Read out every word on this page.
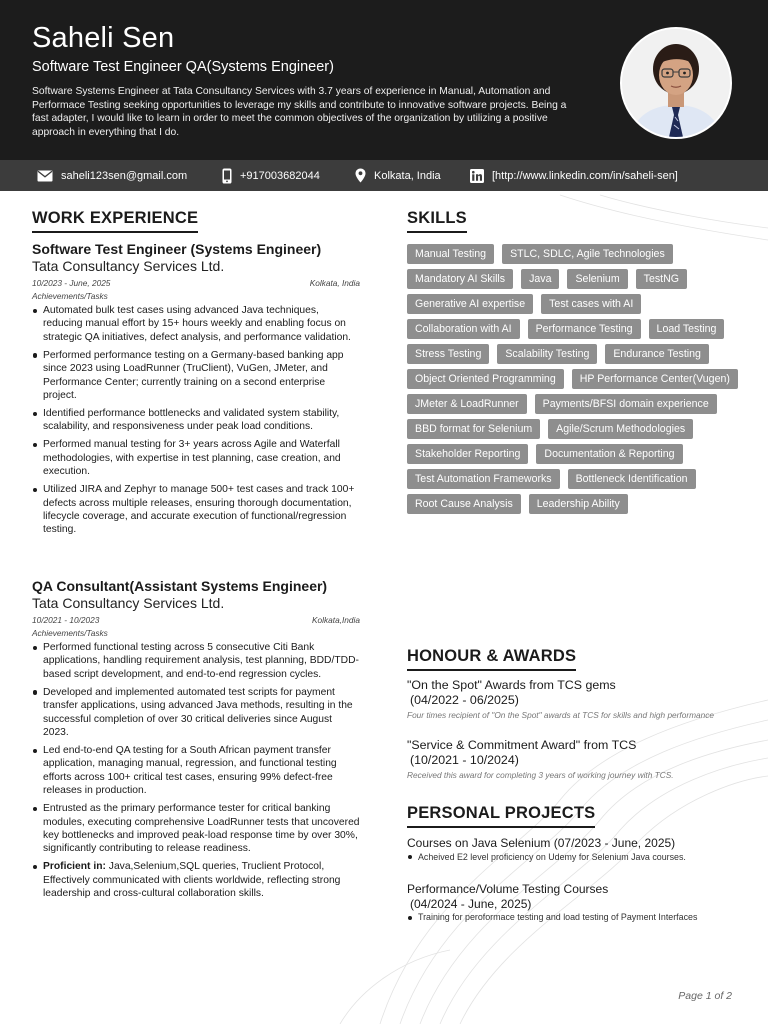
Saheli Sen
Software Test Engineer QA(Systems Engineer)
Software Systems Engineer at Tata Consultancy Services with 3.7 years of experience in Manual, Automation and Performace Testing seeking opportunities to leverage my skills and contribute to innovative software projects. Being a fast adapter, I would like to learn in order to meet the common objectives of the organization by utilizing a positive approach in everything that I do.
saheli123sen@gmail.com	+917003682044	Kolkata, India	[http://www.linkedin.com/in/saheli-sen]
WORK EXPERIENCE
Software Test Engineer (Systems Engineer)
Tata Consultancy Services Ltd.
10/2023 - June, 2025	Kolkata, India
Achievements/Tasks
Automated bulk test cases using advanced Java techniques, reducing manual effort by 15+ hours weekly and enabling focus on strategic QA initiatives, defect analysis, and performance validation.
Performed performance testing on a Germany-based banking app since 2023 using LoadRunner (TruClient), VuGen, JMeter, and Performance Center; currently training on a second enterprise project.
Identified performance bottlenecks and validated system stability, scalability, and responsiveness under peak load conditions.
Performed manual testing for 3+ years across Agile and Waterfall methodologies, with expertise in test planning, case creation, and execution.
Utilized JIRA and Zephyr to manage 500+ test cases and track 100+ defects across multiple releases, ensuring thorough documentation, lifecycle coverage, and accurate execution of functional/regression testing.
QA Consultant(Assistant Systems Engineer)
Tata Consultancy Services Ltd.
10/2021 - 10/2023	Kolkata,India
Achievements/Tasks
Performed functional testing across 5 consecutive Citi Bank applications, handling requirement analysis, test planning, BDD/TDD-based script development, and end-to-end regression cycles.
Developed and implemented automated test scripts for payment transfer applications, using advanced Java methods, resulting in the successful completion of over 30 critical deliveries since August 2023.
Led end-to-end QA testing for a South African payment transfer application, managing manual, regression, and functional testing efforts across 100+ critical test cases, ensuring 99% defect-free releases in production.
Entrusted as the primary performance tester for critical banking modules, executing comprehensive LoadRunner tests that uncovered key bottlenecks and improved peak-load response time by over 30%, significantly contributing to release readiness.
Proficient in: Java,Selenium,SQL queries, Truclient Protocol, Effectively communicated with clients worldwide, reflecting strong leadership and cross-cultural collaboration skills.
SKILLS
Manual Testing	STLC, SDLC, Agile Technologies
Mandatory AI Skills	Java	Selenium	TestNG
Generative AI expertise	Test cases with AI
Collaboration with AI	Performance Testing	Load Testing
Stress Testing	Scalability Testing	Endurance Testing
Object Oriented Programming	HP Performance Center(Vugen)
JMeter & LoadRunner	Payments/BFSI domain experience
BBD format for Selenium	Agile/Scrum Methodologies
Stakeholder Reporting	Documentation & Reporting
Test Automation Frameworks	Bottleneck Identification
Root Cause Analysis	Leadership Ability
HONOUR & AWARDS
"On the Spot" Awards from TCS gems
(04/2022 - 06/2025)
Four times recipient of "On the Spot" awards at TCS for skills and high performance
"Service & Commitment Award" from TCS
(10/2021 - 10/2024)
Received this award for completing 3 years of working journey with TCS.
PERSONAL PROJECTS
Courses on Java Selenium (07/2023 - June, 2025)
Acheived E2 level proficiency on Udemy for Selenium Java courses.
Performance/Volume Testing Courses
(04/2024 - June, 2025)
Training for peroformace testing and load testing of Payment Interfaces
Page 1 of 2
